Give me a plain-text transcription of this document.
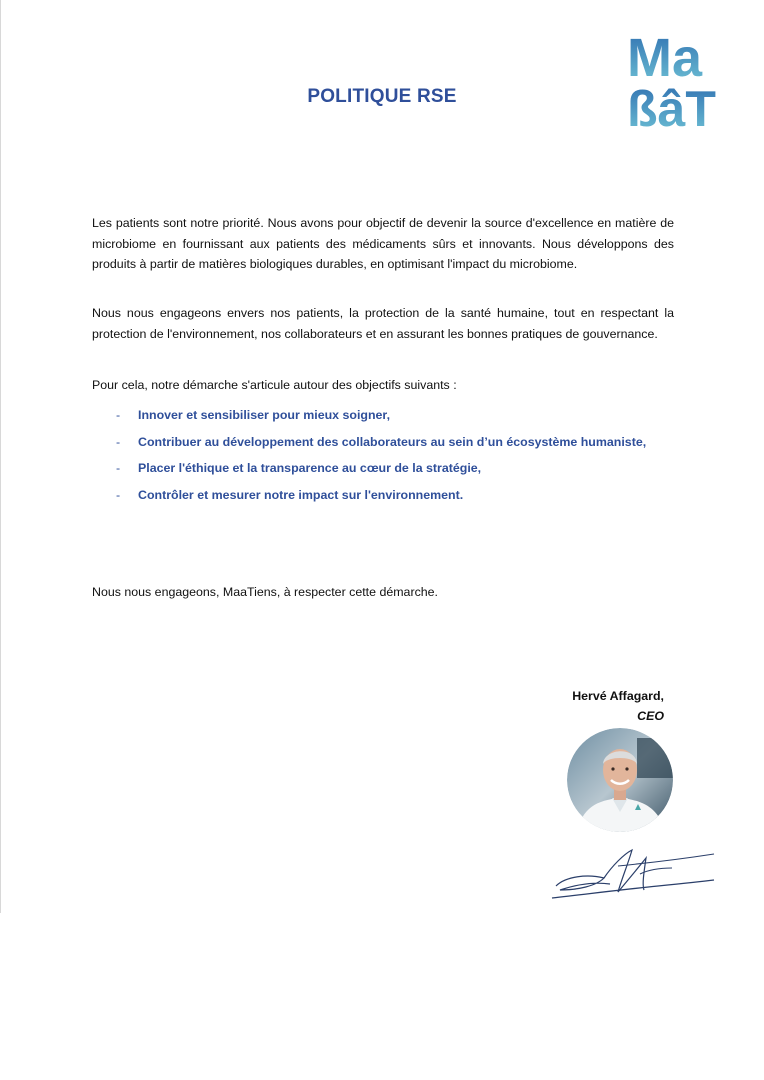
Ma
ßâT
POLITIQUE RSE

Les patients sont notre priorité. Nous avons pour objectif de devenir la source d'excellence en matière de microbiome en fournissant aux patients des médicaments sûrs et innovants. Nous développons des produits à partir de matières biologiques durables, en optimisant l'impact du microbiome.

Nous nous engageons envers nos patients, la protection de la santé humaine, tout en respectant la protection de l'environnement, nos collaborateurs et en assurant les bonnes pratiques de gouvernance.

Pour cela, notre démarche s'articule autour des objectifs suivants :

- Innover et sensibiliser pour mieux soigner,
- Contribuer au développement des collaborateurs au sein d’un écosystème humaniste,
- Placer l'éthique et la transparence au cœur de la stratégie,
- Contrôler et mesurer notre impact sur l'environnement.

Nous nous engageons, MaaTiens, à respecter cette démarche.

Hervé Affagard,
CEO
